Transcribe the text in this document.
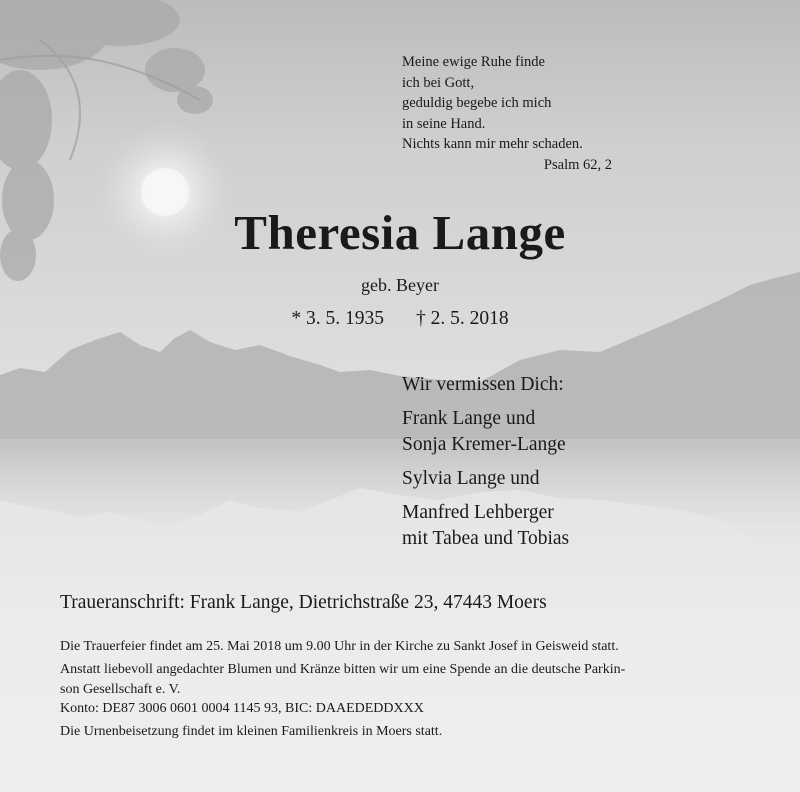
Meine ewige Ruhe finde
ich bei Gott,
geduldig begebe ich mich
in seine Hand.
Nichts kann mir mehr schaden.
Psalm 62, 2
Theresia Lange
geb. Beyer
* 3. 5. 1935 † 2. 5. 2018
Wir vermissen Dich:
Frank Lange und
Sonja Kremer-Lange
Sylvia Lange und
Manfred Lehberger
mit Tabea und Tobias
Traueranschrift: Frank Lange, Dietrichstraße 23, 47443 Moers
Die Trauerfeier findet am 25. Mai 2018 um 9.00 Uhr in der Kirche zu Sankt Josef in Geisweid statt.
Anstatt liebevoll angedachter Blumen und Kränze bitten wir um eine Spende an die deutsche Parkin-
son Gesellschaft e. V.
Konto: DE87 3006 0601 0004 1145 93, BIC: DAAEDEDDXXX
Die Urnenbeisetzung findet im kleinen Familienkreis in Moers statt.
